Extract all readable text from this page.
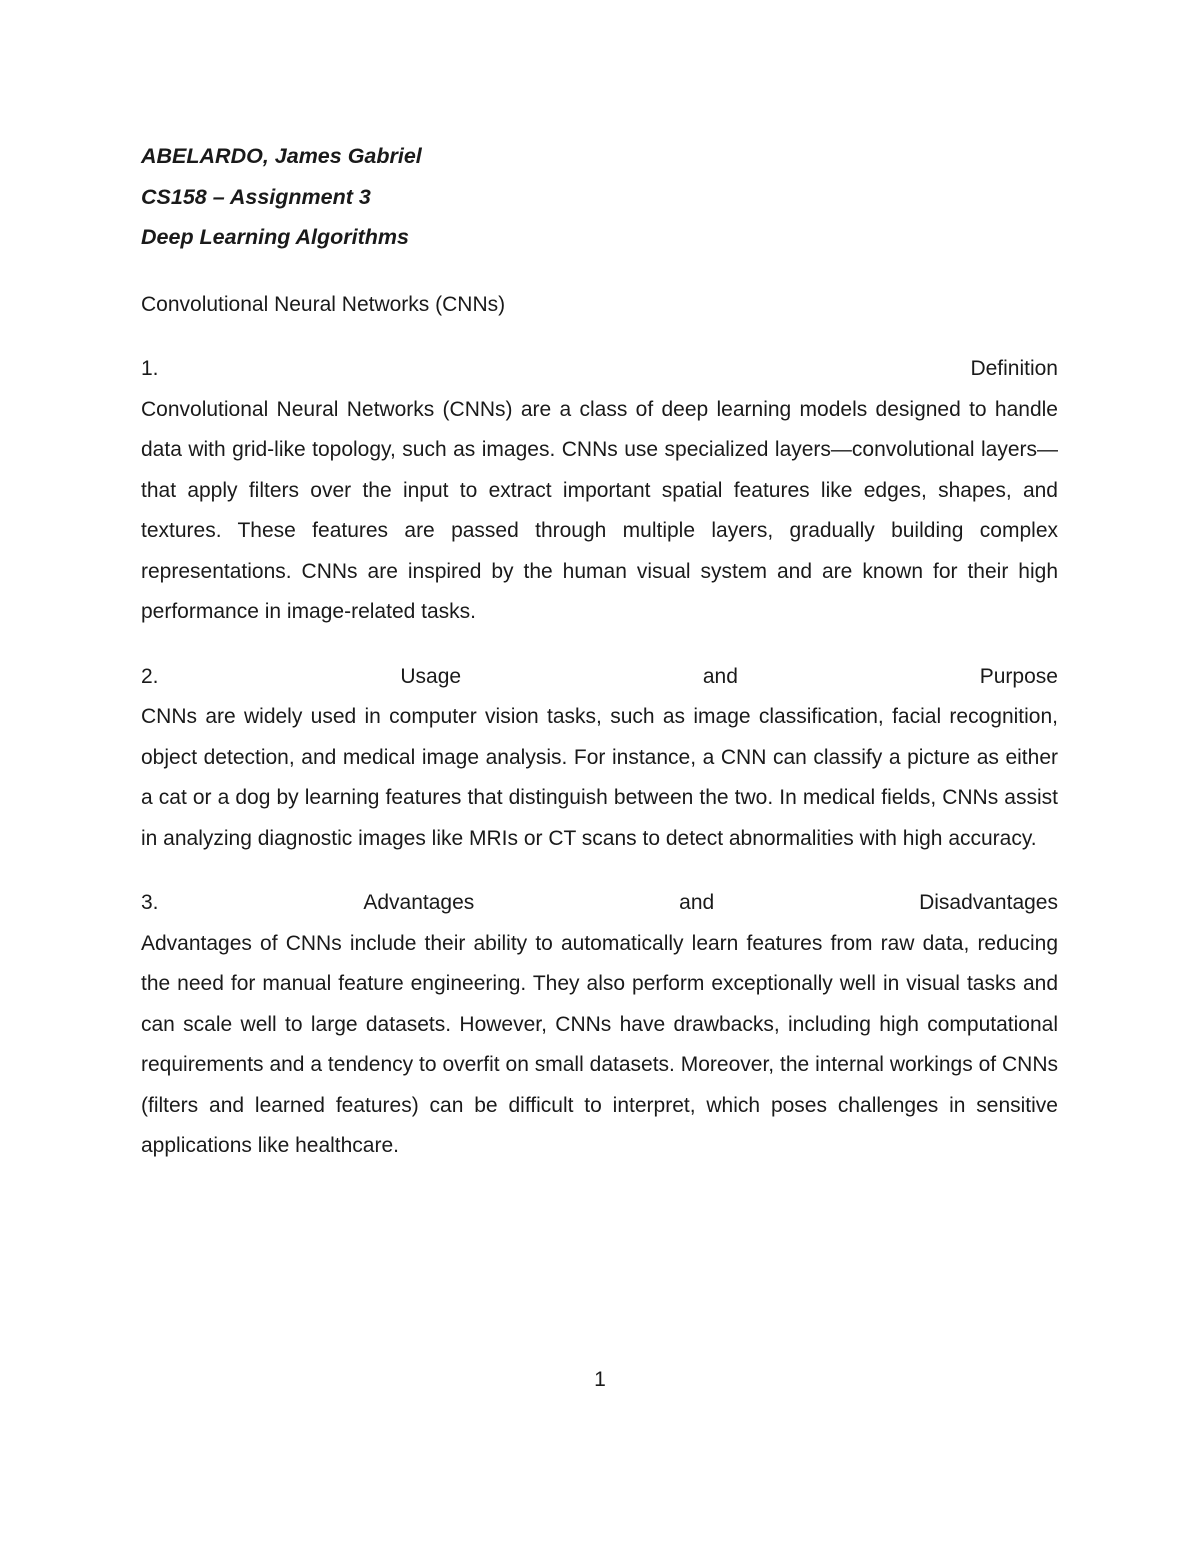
ABELARDO, James Gabriel

CS158 – Assignment 3

Deep Learning Algorithms

Convolutional Neural Networks (CNNs)

1.	Definition
Convolutional Neural Networks (CNNs) are a class of deep learning models designed to handle data with grid-like topology, such as images. CNNs use specialized layers—convolutional layers—that apply filters over the input to extract important spatial features like edges, shapes, and textures. These features are passed through multiple layers, gradually building complex representations. CNNs are inspired by the human visual system and are known for their high performance in image-related tasks.
2.	Usage	and	Purpose
CNNs are widely used in computer vision tasks, such as image classification, facial recognition, object detection, and medical image analysis. For instance, a CNN can classify a picture as either a cat or a dog by learning features that distinguish between the two. In medical fields, CNNs assist in analyzing diagnostic images like MRIs or CT scans to detect abnormalities with high accuracy.
3.	Advantages	and	Disadvantages
Advantages of CNNs include their ability to automatically learn features from raw data, reducing the need for manual feature engineering. They also perform exceptionally well in visual tasks and can scale well to large datasets. However, CNNs have drawbacks, including high computational requirements and a tendency to overfit on small datasets. Moreover, the internal workings of CNNs (filters and learned features) can be difficult to interpret, which poses challenges in sensitive applications like healthcare.
1
